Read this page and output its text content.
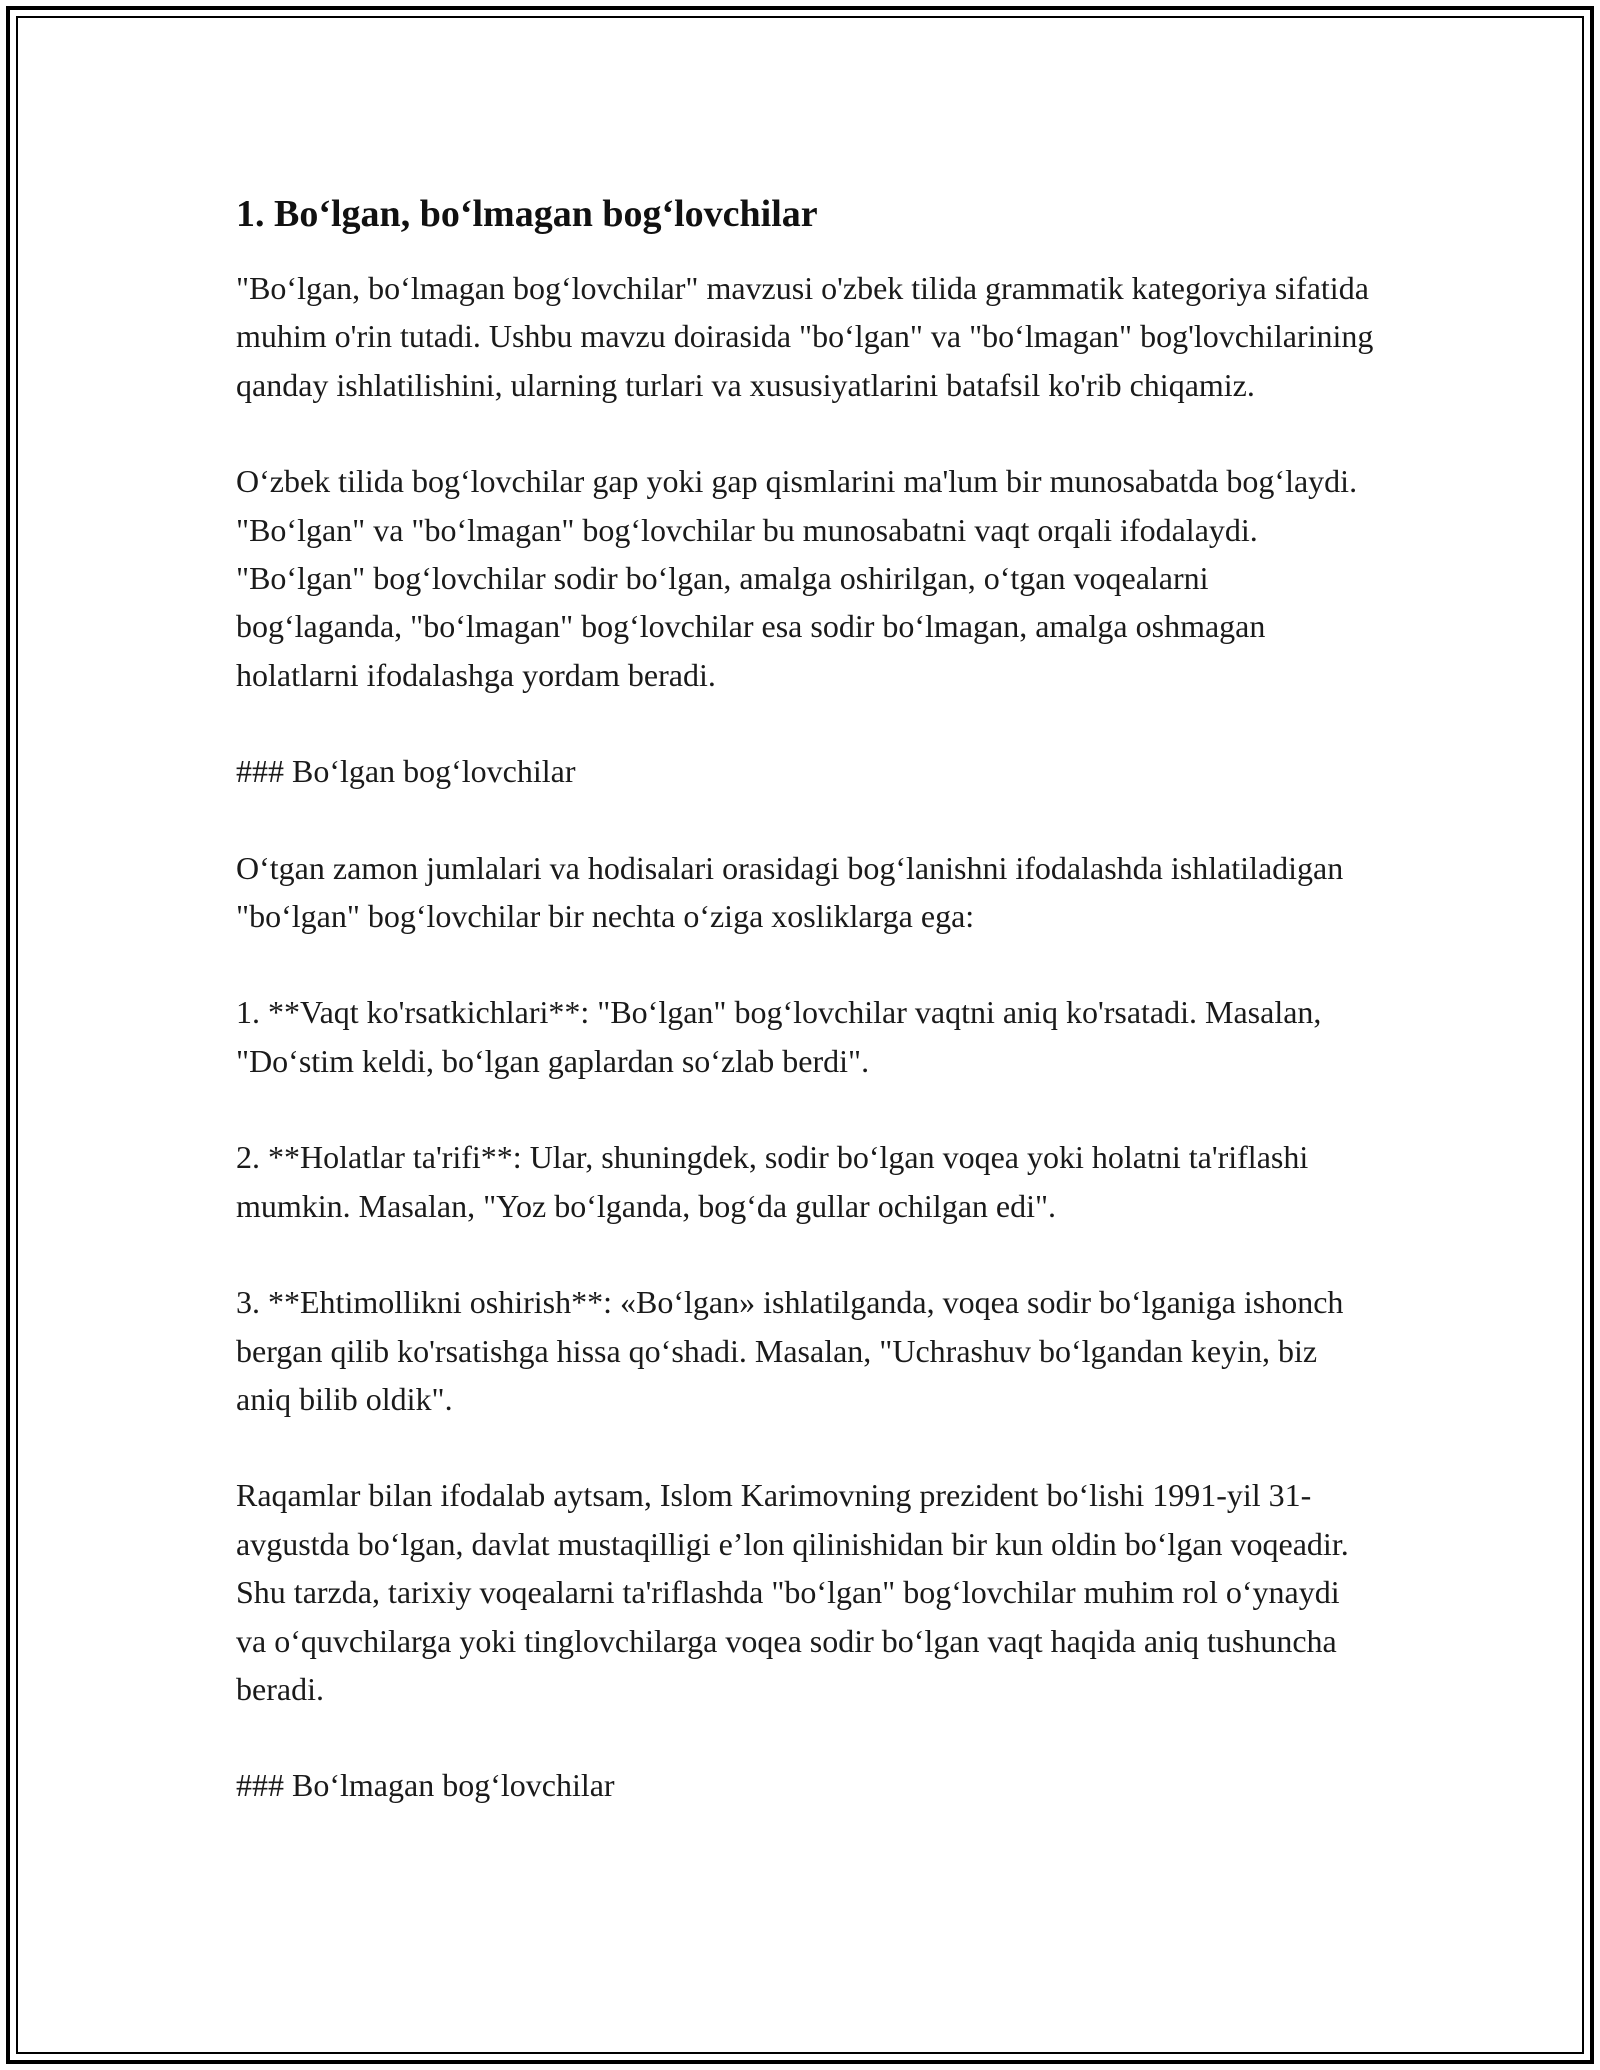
1. Bo‘lgan, bo‘lmagan bog‘lovchilar

"Bo‘lgan, bo‘lmagan bog‘lovchilar" mavzusi o'zbek tilida grammatik kategoriya sifatida muhim o'rin tutadi. Ushbu mavzu doirasida "bo‘lgan" va "bo‘lmagan" bog'lovchilarining qanday ishlatilishini, ularning turlari va xususiyatlarini batafsil ko'rib chiqamiz.

O‘zbek tilida bog‘lovchilar gap yoki gap qismlarini ma'lum bir munosabatda bog‘laydi. "Bo‘lgan" va "bo‘lmagan" bog‘lovchilar bu munosabatni vaqt orqali ifodalaydi. "Bo‘lgan" bog‘lovchilar sodir bo‘lgan, amalga oshirilgan, o‘tgan voqealarni bog‘laganda, "bo‘lmagan" bog‘lovchilar esa sodir bo‘lmagan, amalga oshmagan holatlarni ifodalashga yordam beradi.

### Bo‘lgan bog‘lovchilar

O‘tgan zamon jumlalari va hodisalari orasidagi bog‘lanishni ifodalashda ishlatiladigan "bo‘lgan" bog‘lovchilar bir nechta o‘ziga xosliklarga ega:

1. **Vaqt ko'rsatkichlari**: "Bo‘lgan" bog‘lovchilar vaqtni aniq ko'rsatadi. Masalan, "Do‘stim keldi, bo‘lgan gaplardan so‘zlab berdi".

2. **Holatlar ta'rifi**: Ular, shuningdek, sodir bo‘lgan voqea yoki holatni ta'riflashi mumkin. Masalan, "Yoz bo‘lganda, bog‘da gullar ochilgan edi".

3. **Ehtimollikni oshirish**: «Bo‘lgan» ishlatilganda, voqea sodir bo‘lganiga ishonch bergan qilib ko'rsatishga hissa qo‘shadi. Masalan, "Uchrashuv bo‘lgandan keyin, biz aniq bilib oldik".

Raqamlar bilan ifodalab aytsam, Islom Karimovning prezident bo‘lishi 1991-yil 31-avgustda bo‘lgan, davlat mustaqilligi e’lon qilinishidan bir kun oldin bo‘lgan voqeadir. Shu tarzda, tarixiy voqealarni ta'riflashda "bo‘lgan" bog‘lovchilar muhim rol o‘ynaydi va o‘quvchilarga yoki tinglovchilarga voqea sodir bo‘lgan vaqt haqida aniq tushuncha beradi.

### Bo‘lmagan bog‘lovchilar
